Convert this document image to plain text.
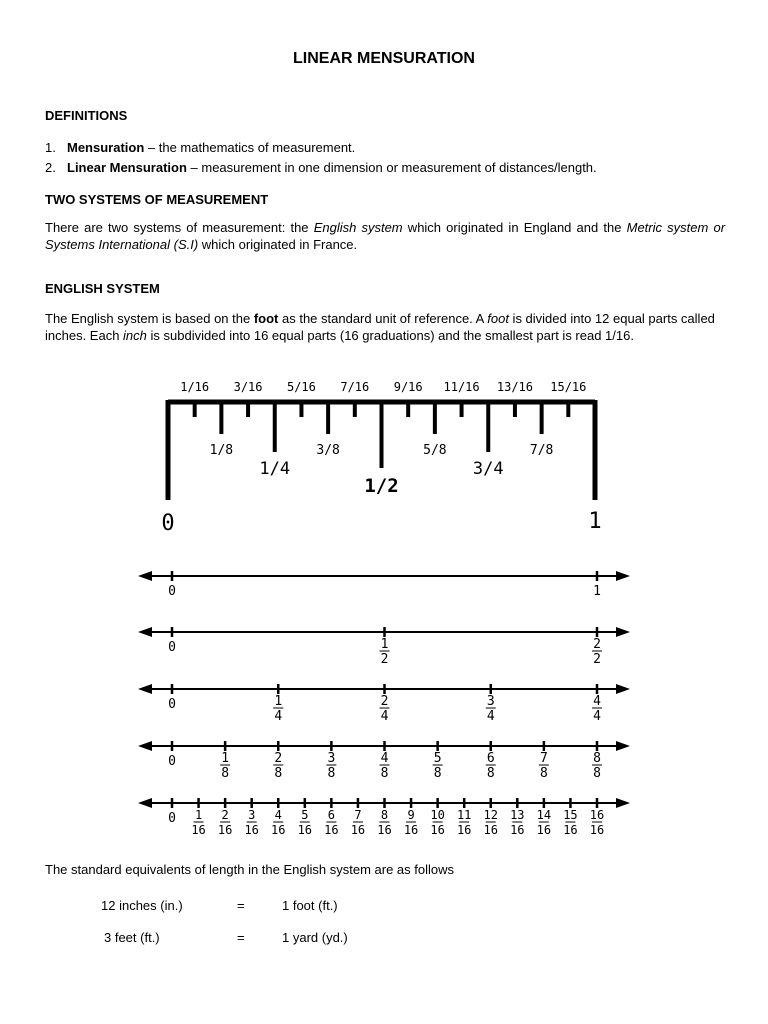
LINEAR MENSURATION
DEFINITIONS
1. Mensuration – the mathematics of measurement.
2. Linear Mensuration – measurement in one dimension or measurement of distances/length.
TWO SYSTEMS OF MEASUREMENT
There are two systems of measurement: the English system which originated in England and the Metric system or Systems International (S.I) which originated in France.
ENGLISH SYSTEM
The English system is based on the foot as the standard unit of reference. A foot is divided into 12 equal parts called inches. Each inch is subdivided into 16 equal parts (16 graduations) and the smallest part is read 1/16.
1/16 3/16 5/16 7/16 9/16 11/16 13/16 15/16
1/8	3/8	5/8	7/8
1/4	3/4
1/2
0	1
0	1
0	1
2
2
2
0	1
4
2
4
3
4
4
4
0	1
8
2
8
3
8
4
8
5
8
6
8
7
8
8
8
0 1
16
2
16
3
16
4
16
5
16
6
16
7
16
8
16
9
16
10
16
11
16
12
16
13
16
14
16
15
16
16
16
The standard equivalents of length in the English system are as follows
12 inches (in.)	=	1 foot (ft.)
3 feet (ft.)	=	1 yard (yd.)
